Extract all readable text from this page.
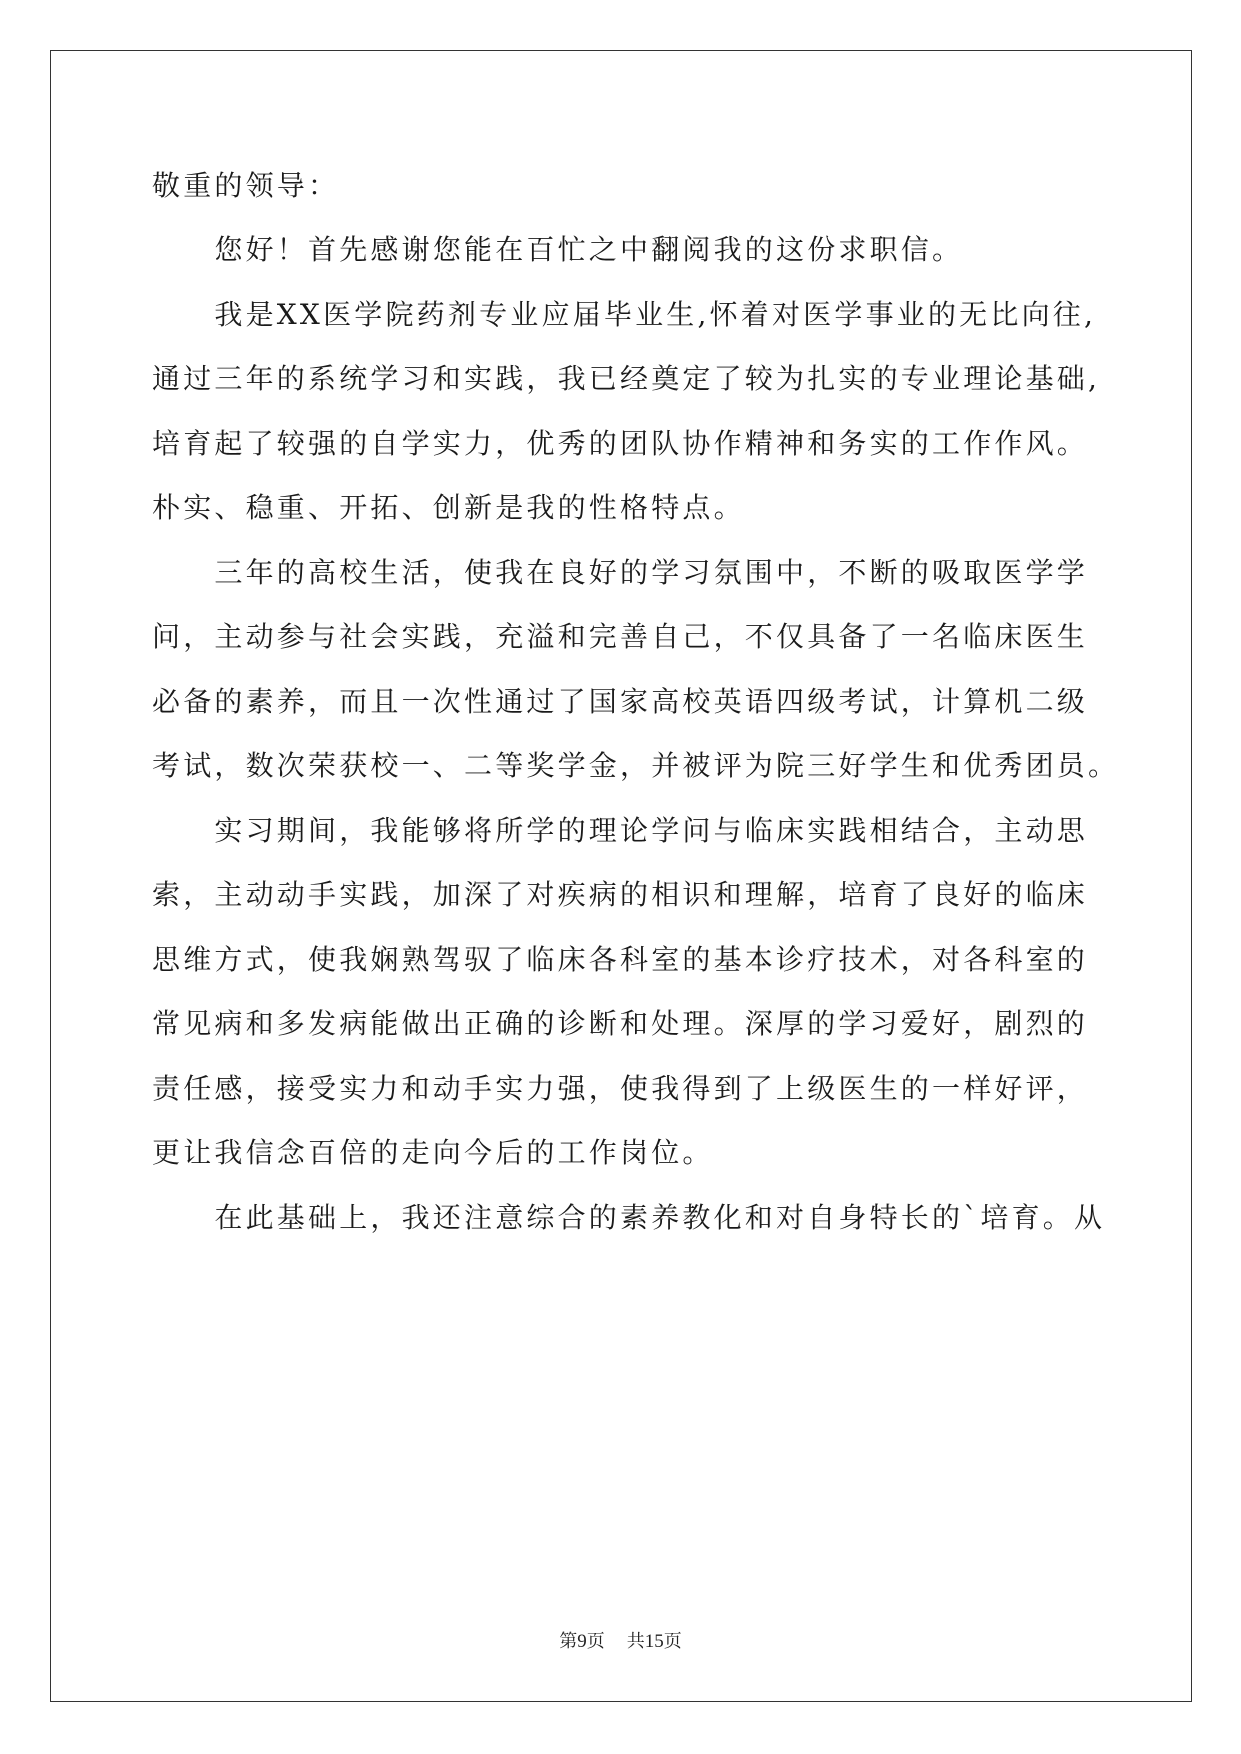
敬重的领导：
　　您好！首先感谢您能在百忙之中翻阅我的这份求职信。
　　我是XX医学院药剂专业应届毕业生,怀着对医学事业的无比向往,
通过三年的系统学习和实践，我已经奠定了较为扎实的专业理论基础,
培育起了较强的自学实力，优秀的团队协作精神和务实的工作作风。
朴实、稳重、开拓、创新是我的性格特点。
　　三年的高校生活，使我在良好的学习氛围中，不断的吸取医学学
问，主动参与社会实践，充溢和完善自己，不仅具备了一名临床医生
必备的素养，而且一次性通过了国家高校英语四级考试，计算机二级
考试，数次荣获校一、二等奖学金，并被评为院三好学生和优秀团员。
　　实习期间，我能够将所学的理论学问与临床实践相结合，主动思
索，主动动手实践，加深了对疾病的相识和理解，培育了良好的临床
思维方式，使我娴熟驾驭了临床各科室的基本诊疗技术，对各科室的
常见病和多发病能做出正确的诊断和处理。深厚的学习爱好，剧烈的
责任感，接受实力和动手实力强，使我得到了上级医生的一样好评，
更让我信念百倍的走向今后的工作岗位。
　　在此基础上，我还注意综合的素养教化和对自身特长的`培育。从
第9页 共15页
